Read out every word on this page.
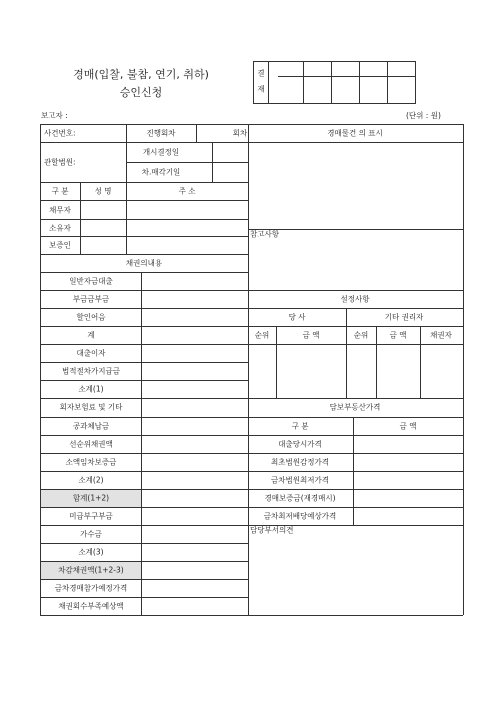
경매(입찰, 불참, 연기, 취하)
승인신청
결
재
보고자 :	(단위 : 원)
사건번호:	진행회차	회차	경매물건 의 표시
관할법원:
개시결정일
차.매각기일
구 분	성 명	주 소
채무자
소유자
보증인
참고사항
채권의내용
일반자금대출
부금금부금
할인어음
계
대출이자
법적절차가지급금
소계(1)
회자보험료 및 기타
공과체납금
선순위채권액
소액임차보증금
소계(2)
합계(1+2)
미급부구부금
가수금
소계(3)
차감채권액(1+2-3)
금차경매참가예정가격
채권회수부족예상액
설정사항
당 사	기타 권리자
순위	금 액	순위	금 액	채권자
담보부동산가격
구 분	금 액
대출당시가격
최초법원감정가격
금차법원최저가격
경매보증금(재경매시)
금차최저배당예상가격
담당부서의견
